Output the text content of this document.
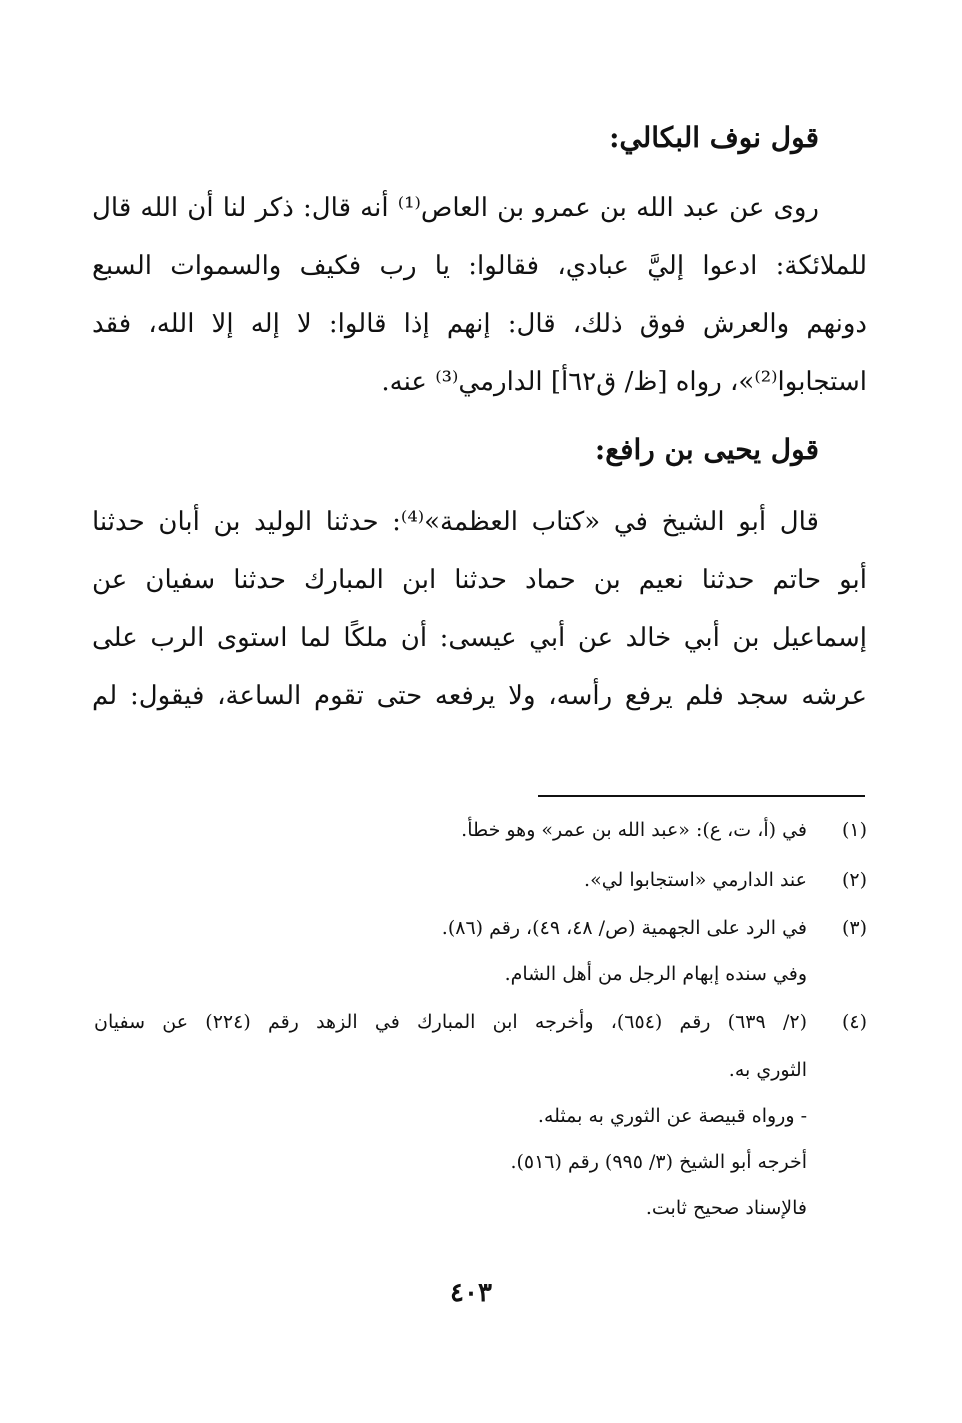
قول نوف البكالي:
روى عن عبد الله بن عمرو بن العاص⁽¹⁾ أنه قال: ذكر لنا أن الله قال
للملائكة: ادعوا إليَّ عبادي، فقالوا: يا رب فكيف والسموات السبع
دونهم والعرش فوق ذلك، قال: إنهم إذا قالوا: لا إله إلا الله، فقد
استجابوا⁽²⁾»، رواه [ظ/ ق٦٢أ] الدارمي⁽³⁾ عنه.
قول يحيى بن رافع:
قال أبو الشيخ في «كتاب العظمة»⁽⁴⁾: حدثنا الوليد بن أبان حدثنا
أبو حاتم حدثنا نعيم بن حماد حدثنا ابن المبارك حدثنا سفيان عن
إسماعيل بن أبي خالد عن أبي عيسى: أن ملكًا لما استوى الرب على
عرشه سجد فلم يرفع رأسه، ولا يرفعه حتى تقوم الساعة، فيقول: لم
(١)
في (أ، ت، ع): «عبد الله بن عمر» وهو خطأ.
(٢)
عند الدارمي «استجابوا لي».
(٣)
في الرد على الجهمية (ص/ ٤٨، ٤٩)، رقم (٨٦).
وفي سنده إبهام الرجل من أهل الشام.
(٤)
(٢/ ٦٣٩) رقم (٦٥٤)، وأخرجه ابن المبارك في الزهد رقم (٢٢٤) عن سفيان
الثوري به.
- ورواه قبيصة عن الثوري به بمثله.
أخرجه أبو الشيخ (٣/ ٩٩٥) رقم (٥١٦).
فالإسناد صحيح ثابت.
٤٠٣
